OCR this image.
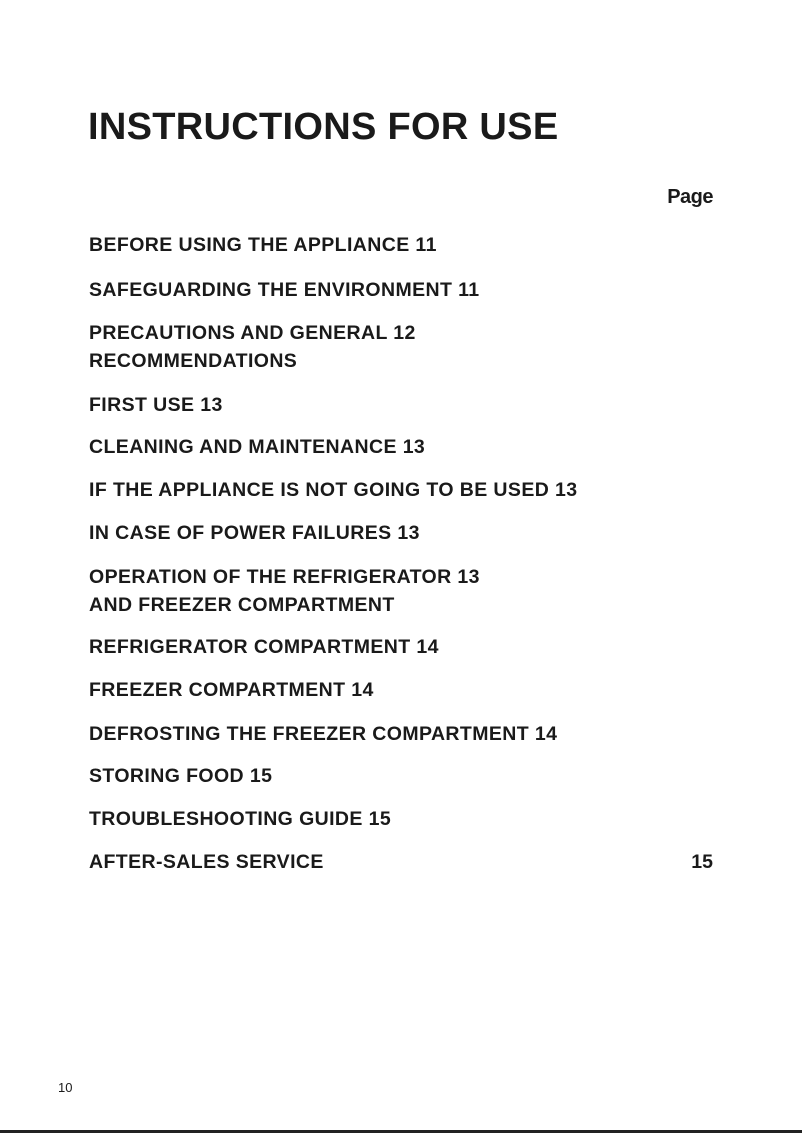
INSTRUCTIONS FOR USE
Page
BEFORE USING THE APPLIANCE 11
SAFEGUARDING THE ENVIRONMENT 11
PRECAUTIONS AND GENERAL 12
RECOMMENDATIONS
FIRST USE 13
CLEANING AND MAINTENANCE 13
IF THE APPLIANCE IS NOT GOING TO BE USED 13
IN CASE OF POWER FAILURES 13
OPERATION OF THE REFRIGERATOR 13
AND FREEZER COMPARTMENT
REFRIGERATOR COMPARTMENT 14
FREEZER COMPARTMENT 14
DEFROSTING THE FREEZER COMPARTMENT 14
STORING FOOD 15
TROUBLESHOOTING GUIDE 15
AFTER-SALES SERVICE	15
10
